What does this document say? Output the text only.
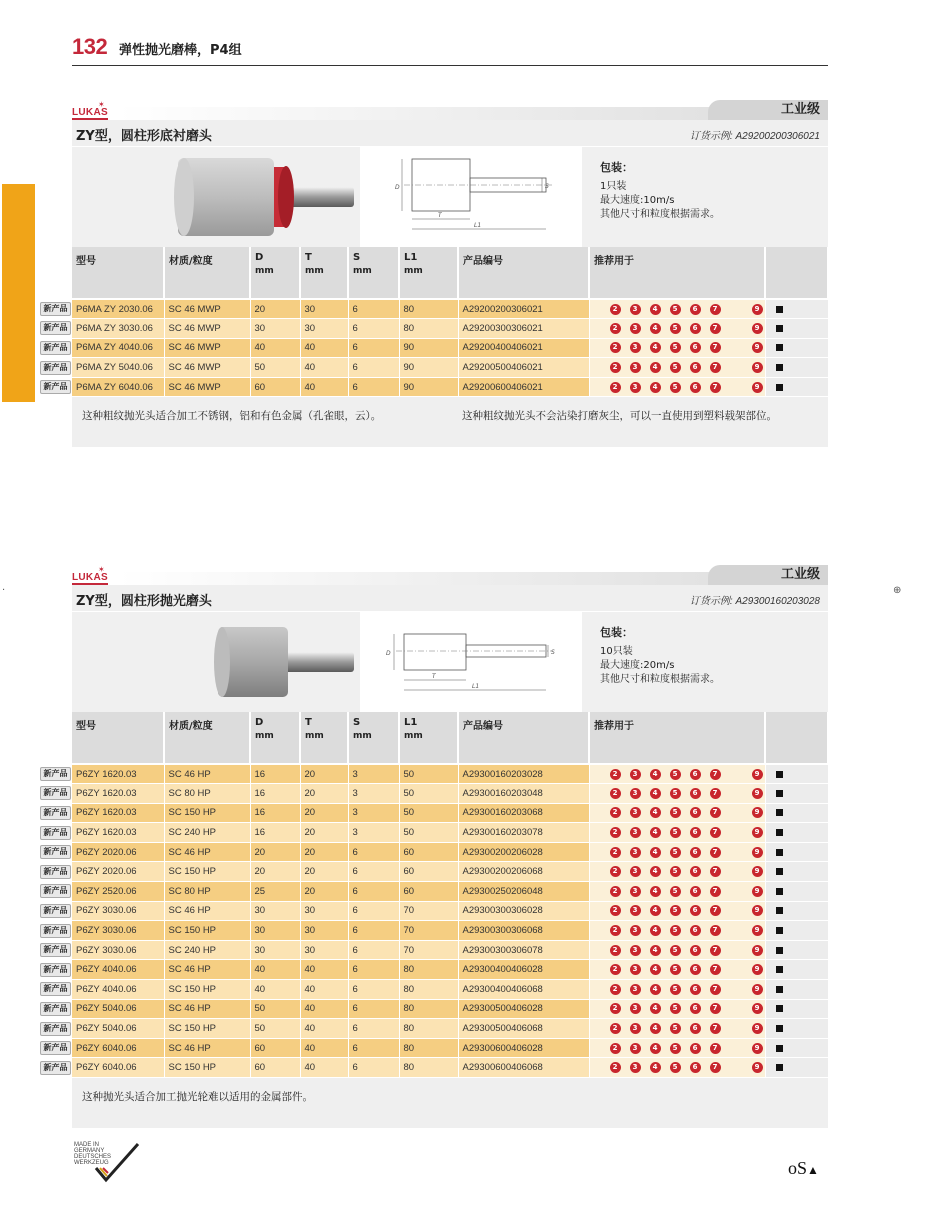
132 弹性抛光磨棒，P4组
LUKAS
✶	工业级
ZY型，圆柱形底衬磨头	订货示例: A29200200306021
D
T
L1
S
包装：
1只装
最大速度:10m/s
其他尺寸和粒度根据需求。
型号	材质/粒度	D
mm	T
mm	S
mm	L1
mm	产品编号	推荐用于	
P6MA ZY 2030.06	SC 46 MWP	20	30	6	80	A29200200306021	2 3 4 5 6 7 9	
P6MA ZY 3030.06	SC 46 MWP	30	30	6	80	A29200300306021	2 3 4 5 6 7 9	
P6MA ZY 4040.06	SC 46 MWP	40	40	6	90	A29200400406021	2 3 4 5 6 7 9	
P6MA ZY 5040.06	SC 46 MWP	50	40	6	90	A29200500406021	2 3 4 5 6 7 9	
P6MA ZY 6040.06	SC 46 MWP	60	40	6	90	A29200600406021	2 3 4 5 6 7 9	
这种粗纹抛光头适合加工不锈钢，铝和有色金属（孔雀眼，云）。	这种粗纹抛光头不会沾染打磨灰尘，可以一直使用到塑料载架部位。
LUKAS
✶	工业级
ZY型，圆柱形抛光磨头	订货示例: A29300160203028
D
T
L1
S
包装：
10只装
最大速度:20m/s
其他尺寸和粒度根据需求。
型号	材质/粒度	D
mm	T
mm	S
mm	L1
mm	产品编号	推荐用于	
P6ZY 1620.03	SC 46 HP	16	20	3	50	A29300160203028	2 3 4 5 6 7 9	
P6ZY 1620.03	SC 80 HP	16	20	3	50	A29300160203048	2 3 4 5 6 7 9	
P6ZY 1620.03	SC 150 HP	16	20	3	50	A29300160203068	2 3 4 5 6 7 9	
P6ZY 1620.03	SC 240 HP	16	20	3	50	A29300160203078	2 3 4 5 6 7 9	
P6ZY 2020.06	SC 46 HP	20	20	6	60	A29300200206028	2 3 4 5 6 7 9	
P6ZY 2020.06	SC 150 HP	20	20	6	60	A29300200206068	2 3 4 5 6 7 9	
P6ZY 2520.06	SC 80 HP	25	20	6	60	A29300250206048	2 3 4 5 6 7 9	
P6ZY 3030.06	SC 46 HP	30	30	6	70	A29300300306028	2 3 4 5 6 7 9	
P6ZY 3030.06	SC 150 HP	30	30	6	70	A29300300306068	2 3 4 5 6 7 9	
P6ZY 3030.06	SC 240 HP	30	30	6	70	A29300300306078	2 3 4 5 6 7 9	
P6ZY 4040.06	SC 46 HP	40	40	6	80	A29300400406028	2 3 4 5 6 7 9	
P6ZY 4040.06	SC 150 HP	40	40	6	80	A29300400406068	2 3 4 5 6 7 9	
P6ZY 5040.06	SC 46 HP	50	40	6	80	A29300500406028	2 3 4 5 6 7 9	
P6ZY 5040.06	SC 150 HP	50	40	6	80	A29300500406068	2 3 4 5 6 7 9	
P6ZY 6040.06	SC 46 HP	60	40	6	80	A29300600406028	2 3 4 5 6 7 9	
P6ZY 6040.06	SC 150 HP	60	40	6	80	A29300600406068	2 3 4 5 6 7 9	
这种抛光头适合加工抛光轮难以适用的金属部件。
MADE IN GERMANY DEUTSCHES WERKZEUG	oS▲
·	⊕
新产品
新产品
新产品
新产品
新产品
新产品
新产品
新产品
新产品
新产品
新产品
新产品
新产品
新产品
新产品
新产品
新产品
新产品
新产品
新产品
新产品
